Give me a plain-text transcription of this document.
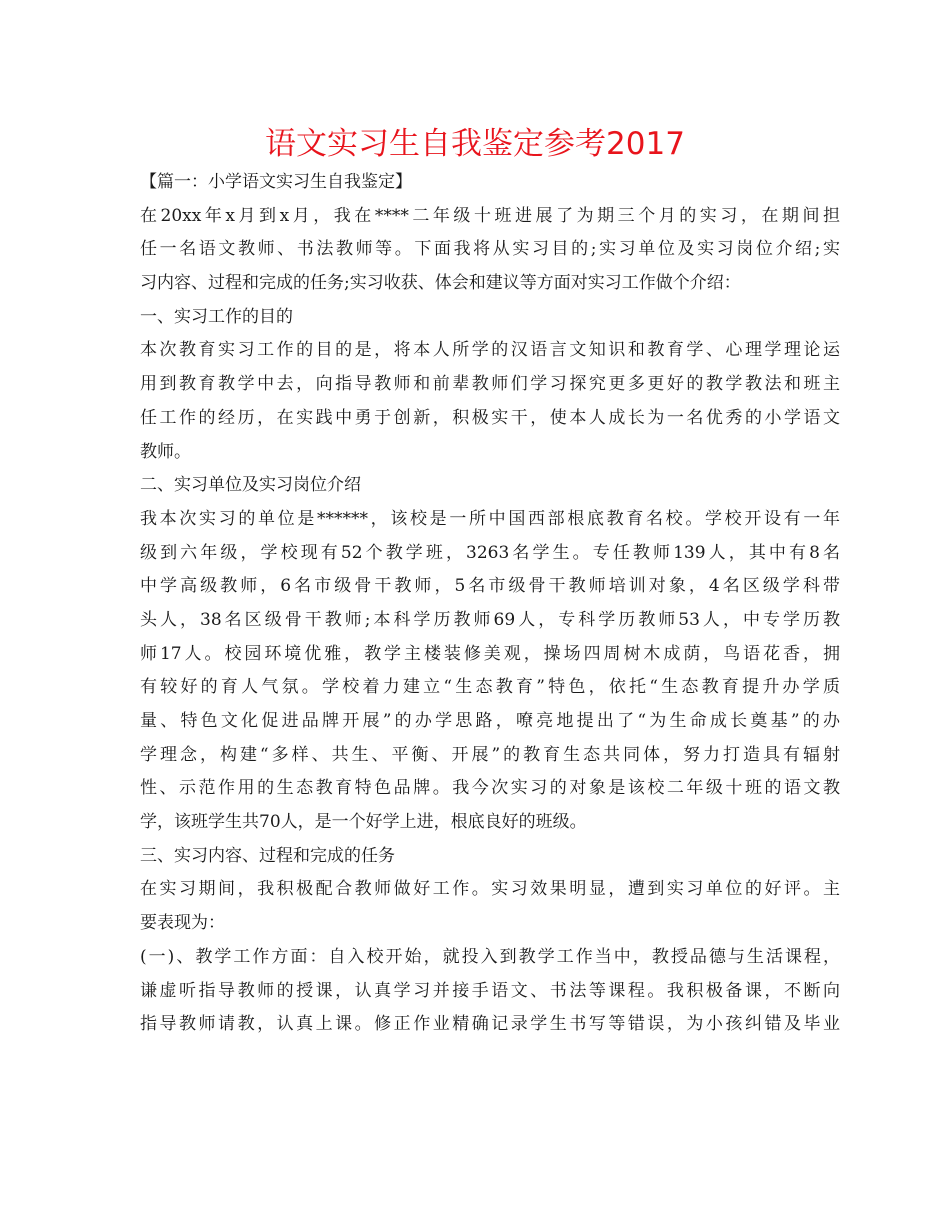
语文实习生自我鉴定参考2017
【篇一：小学语文实习生自我鉴定】
在20xx年x月到x月，我在****二年级十班进展了为期三个月的实习，在期间担
任一名语文教师、书法教师等。下面我将从实习目的;实习单位及实习岗位介绍;实
习内容、过程和完成的任务;实习收获、体会和建议等方面对实习工作做个介绍：
一、实习工作的目的
本次教育实习工作的目的是，将本人所学的汉语言文知识和教育学、心理学理论运
用到教育教学中去，向指导教师和前辈教师们学习探究更多更好的教学教法和班主
任工作的经历，在实践中勇于创新，积极实干，使本人成长为一名优秀的小学语文
教师。
二、实习单位及实习岗位介绍
我本次实习的单位是******，该校是一所中国西部根底教育名校。学校开设有一年
级到六年级，学校现有52个教学班，3263名学生。专任教师139人，其中有8名
中学高级教师，6名市级骨干教师，5名市级骨干教师培训对象，4名区级学科带
头人，38名区级骨干教师;本科学历教师69人，专科学历教师53人，中专学历教
师17人。校园环境优雅，教学主楼装修美观，操场四周树木成荫，鸟语花香，拥
有较好的育人气氛。学校着力建立“生态教育”特色，依托“生态教育提升办学质
量、特色文化促进品牌开展”的办学思路，嘹亮地提出了“为生命成长奠基”的办
学理念，构建“多样、共生、平衡、开展”的教育生态共同体，努力打造具有辐射
性、示范作用的生态教育特色品牌。我今次实习的对象是该校二年级十班的语文教
学，该班学生共70人，是一个好学上进，根底良好的班级。
三、实习内容、过程和完成的任务
在实习期间，我积极配合教师做好工作。实习效果明显，遭到实习单位的好评。主
要表现为：
(一)、教学工作方面：自入校开始，就投入到教学工作当中，教授品德与生活课程，
谦虚听指导教师的授课，认真学习并接手语文、书法等课程。我积极备课，不断向
指导教师请教，认真上课。修正作业精确记录学生书写等错误，为小孩纠错及毕业
